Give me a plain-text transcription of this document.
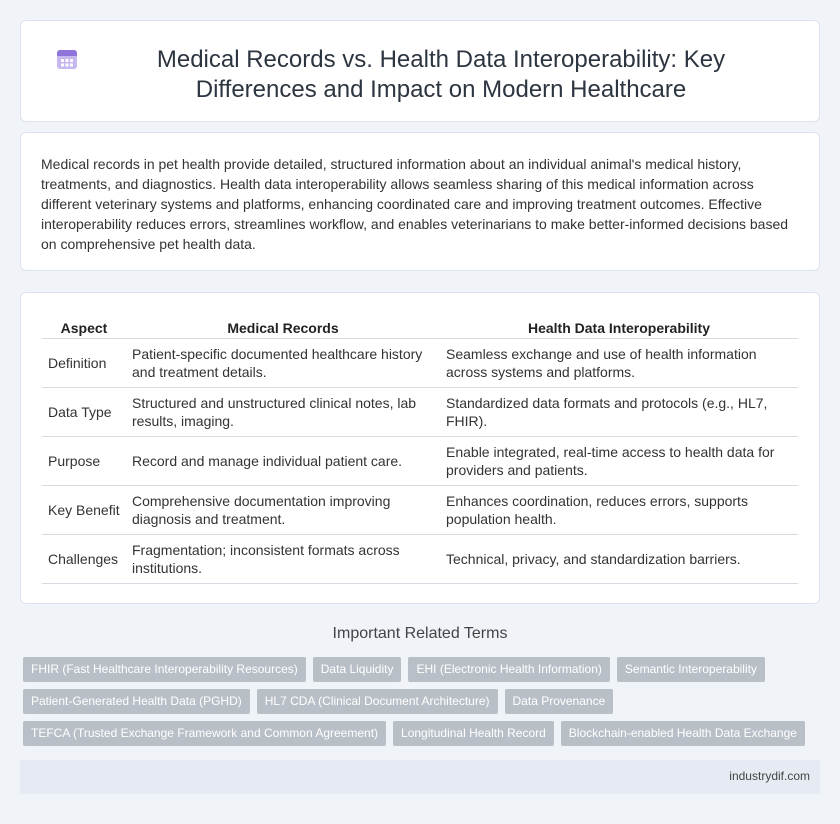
Medical Records vs. Health Data Interoperability: Key Differences and Impact on Modern Healthcare

Medical records in pet health provide detailed, structured information about an individual animal's medical history, treatments, and diagnostics. Health data interoperability allows seamless sharing of this medical information across different veterinary systems and platforms, enhancing coordinated care and improving treatment outcomes. Effective interoperability reduces errors, streamlines workflow, and enables veterinarians to make better-informed decisions based on comprehensive pet health data.

Aspect	Medical Records	Health Data Interoperability
Definition	Patient-specific documented healthcare history and treatment details.	Seamless exchange and use of health information across systems and platforms.
Data Type	Structured and unstructured clinical notes, lab results, imaging.	Standardized data formats and protocols (e.g., HL7, FHIR).
Purpose	Record and manage individual patient care.	Enable integrated, real-time access to health data for providers and patients.
Key Benefit	Comprehensive documentation improving diagnosis and treatment.	Enhances coordination, reduces errors, supports population health.
Challenges	Fragmentation; inconsistent formats across institutions.	Technical, privacy, and standardization barriers.
Important Related Terms
FHIR (Fast Healthcare Interoperability Resources)	Data Liquidity	EHI (Electronic Health Information)	Semantic Interoperability
Patient-Generated Health Data (PGHD)	HL7 CDA (Clinical Document Architecture)	Data Provenance
TEFCA (Trusted Exchange Framework and Common Agreement)	Longitudinal Health Record	Blockchain-enabled Health Data Exchange
industrydif.com
